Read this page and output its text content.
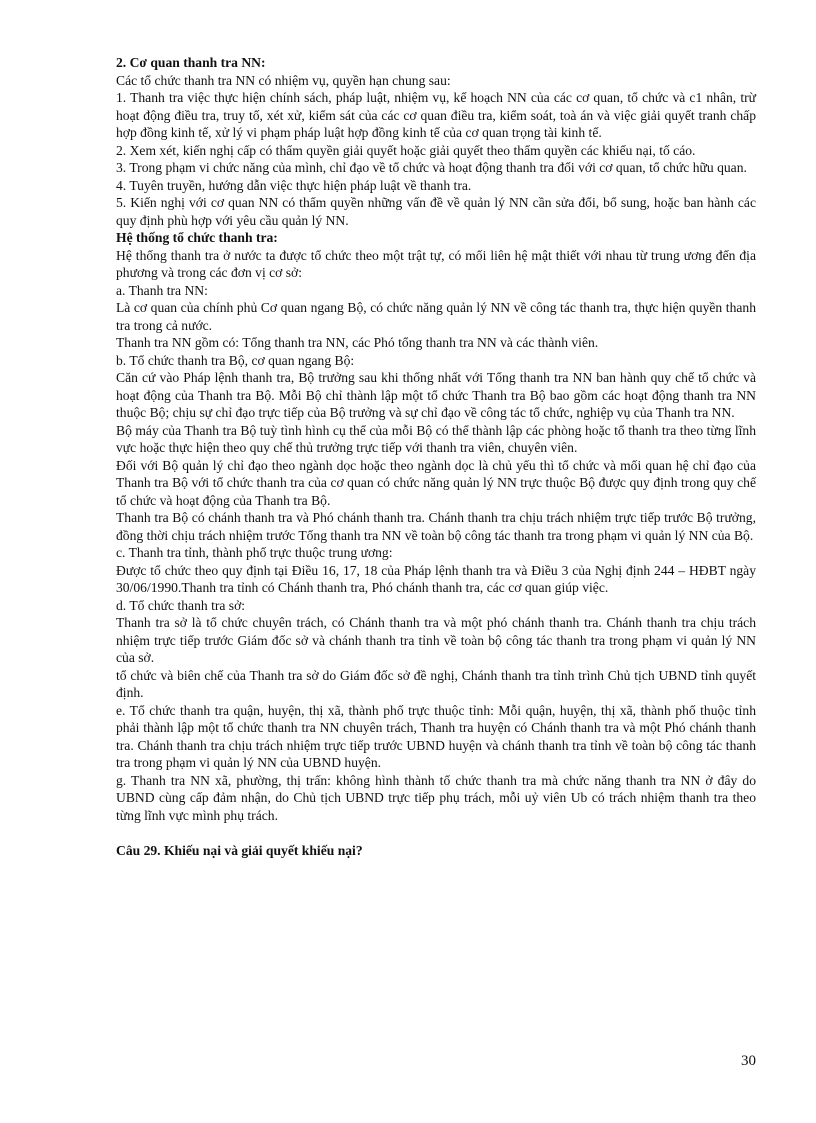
2. Cơ quan thanh tra NN:

Các tổ chức thanh tra NN có nhiệm vụ, quyền hạn chung sau:

1. Thanh tra việc thực hiện chính sách, pháp luật, nhiệm vụ, kế hoạch NN của các cơ quan, tổ chức và c1 nhân, trừ hoạt động điều tra, truy tố, xét xử, kiểm sát của các cơ quan điều tra, kiểm soát, toà án và việc giải quyết tranh chấp hợp đồng kinh tế, xử lý vi phạm pháp luật hợp đồng kinh tế của cơ quan trọng tài kinh tế.

2. Xem xét, kiến nghị cấp có thẩm quyền giải quyết hoặc giải quyết theo thẩm quyền các khiếu nại, tố cáo.

3. Trong phạm vi chức năng của mình, chỉ đạo về tổ chức và hoạt động thanh tra đối với cơ quan, tổ chức hữu quan.

4. Tuyên truyền, hướng dẫn việc thực hiện pháp luật về thanh tra.

5. Kiến nghị với cơ quan NN có thẩm quyền những vấn đề về quản lý NN cần sửa đổi, bổ sung, hoặc ban hành các quy định phù hợp với yêu cầu quản lý NN.

Hệ thống tổ chức thanh tra:

Hệ thống thanh tra ở nước ta được tổ chức theo một trật tự, có mối liên hệ mật thiết với nhau từ trung ương đến địa phương và trong các đơn vị cơ sở:

a. Thanh tra NN:

Là cơ quan của chính phủ Cơ quan ngang Bộ, có chức năng quản lý NN về công tác thanh tra, thực hiện quyền thanh tra trong cả nước.

Thanh tra NN gồm có: Tổng thanh tra NN, các Phó tổng thanh tra NN và các thành viên.

b. Tổ chức thanh tra Bộ, cơ quan ngang Bộ:

Căn cứ vào Pháp lệnh thanh tra, Bộ trưởng sau khi thống nhất với Tổng thanh tra NN ban hành quy chế tổ chức và hoạt động của Thanh tra Bộ. Mỗi Bộ chỉ thành lập một tổ chức Thanh tra Bộ bao gồm các hoạt động thanh tra NN thuộc Bộ; chịu sự chỉ đạo trực tiếp của Bộ trưởng và sự chỉ đạo về công tác tổ chức, nghiệp vụ của Thanh tra NN.

Bộ máy của Thanh tra Bộ tuỳ tình hình cụ thể của mỗi Bộ có thể thành lập các phòng hoặc tổ thanh tra theo từng lĩnh vực hoặc thực hiện theo quy chế thủ trưởng trực tiếp với thanh tra viên, chuyên viên.

Đối với Bộ quản lý chỉ đạo theo ngành dọc hoặc theo ngành dọc là chủ yếu thì tổ chức và mối quan hệ chỉ đạo của Thanh tra Bộ với tổ chức thanh tra của cơ quan có chức năng quản lý NN trực thuộc Bộ được quy định trong quy chế tổ chức và hoạt động của Thanh tra Bộ.

Thanh tra Bộ có chánh thanh tra và Phó chánh thanh tra. Chánh thanh tra chịu trách nhiệm trực tiếp trước Bộ trưởng, đồng thời chịu trách nhiệm trước Tổng thanh tra NN về toàn bộ công tác thanh tra trong phạm vi quản lý NN của Bộ.

c. Thanh tra tỉnh, thành phố trực thuộc trung ương:

Được tổ chức theo quy định tại Điều 16, 17, 18 của Pháp lệnh thanh tra và Điều 3 của Nghị định 244 – HĐBT ngày 30/06/1990.Thanh tra tỉnh có Chánh thanh tra, Phó chánh thanh tra, các cơ quan giúp việc.

d. Tổ chức thanh tra sở:

Thanh tra sở là tổ chức chuyên trách, có Chánh thanh tra và một phó chánh thanh tra. Chánh thanh tra chịu trách nhiệm trực tiếp trước Giám đốc sở và chánh thanh tra tỉnh về toàn bộ công tác thanh tra trong phạm vi quản lý NN của sở.

tổ chức và biên chế của Thanh tra sở do Giám đốc sở đề nghị, Chánh thanh tra tỉnh trình Chủ tịch UBND tỉnh quyết định.

e. Tổ chức thanh tra quận, huyện, thị xã, thành phố trực thuộc tỉnh: Mỗi quận, huyện, thị xã, thành phố thuộc tỉnh phải thành lập một tổ chức thanh tra NN chuyên trách, Thanh tra huyện có Chánh thanh tra và một Phó chánh thanh tra. Chánh thanh tra chịu trách nhiệm trực tiếp trước UBND huyện và chánh thanh tra tỉnh về toàn bộ công tác thanh tra trong phạm vi quản lý NN của UBND huyện.

g. Thanh tra NN xã, phường, thị trấn: không hình thành tổ chức thanh tra mà chức năng thanh tra NN ở đây do UBND cùng cấp đảm nhận, do Chủ tịch UBND trực tiếp phụ trách, mỗi uỷ viên Ub có trách nhiệm thanh tra theo từng lĩnh vực mình phụ trách.

Câu 29. Khiếu nại và giải quyết khiếu nại?

30
